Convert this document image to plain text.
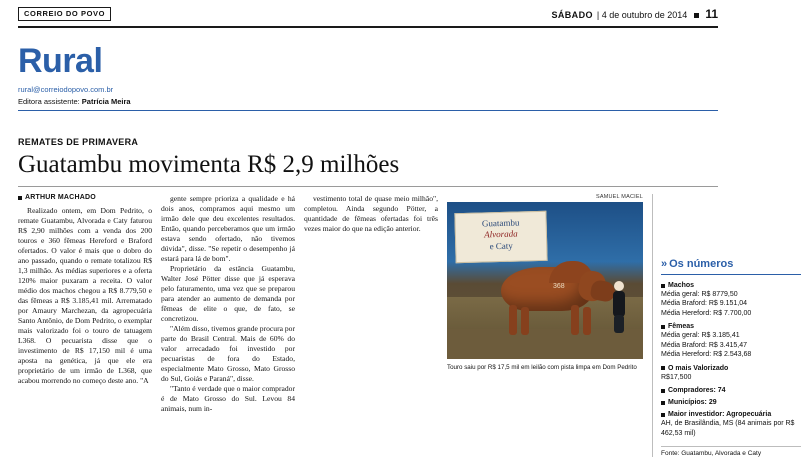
CORREIO DO POVO	SÁBADO | 4 de outubro de 2014 11
Rural
rural@correiodopovo.com.br
Editora assistente: Patrícia Meira
REMATES DE PRIMAVERA
Guatambu movimenta R$ 2,9 milhões
ARTHUR MACHADO

Realizado ontem, em Dom Pedrito, o remate Guatambu, Alvorada e Caty faturou R$ 2,90 milhões com a venda dos 200 touros e 360 fêmeas Hereford e Braford ofertados. O valor é mais que o dobro do ano passado, quando o remate totalizou R$ 1,3 milhão. As médias superiores e a oferta 120% maior puxaram a receita. O valor médio dos machos chegou a R$ 8.779,50 e das fêmeas a R$ 3.185,41 mil. Arrematado por Amaury Marchezan, da agropecuária Santo Antônio, de Dom Pedrito, o exemplar mais valorizado foi o touro de tatuagem L368. O pecuarista disse que o investimento de R$ 17,150 mil é uma aposta na genética, já que ele era proprietário de um irmão de L368, que acabou morrendo no começo deste ano. "A

gente sempre prioriza a qualidade e há dois anos, compramos aqui mesmo um irmão dele que deu excelentes resultados. Então, quando perceberamos que um irmão estava sendo ofertado, não tivemos dúvida", disse. "Se repetir o desempenho já estará para lá de bom".

Proprietário da estância Guatambu, Walter José Pötter disse que já esperava pelo faturamento, uma vez que se preparou para atender ao aumento de demanda por fêmeas de elite o que, de fato, se concretizou.

"Além disso, tivemos grande procura por parte do Brasil Central. Mais de 60% do valor arrecadado foi investido por pecuaristas de fora do Estado, especialmente Mato Grosso, Mato Grosso do Sul, Goiás e Paraná", disse.

"Tanto é verdade que o maior comprador é de Mato Grosso do Sul. Levou 84 animais, num in-

vestimento total de quase meio milhão", completou. Ainda segundo Pötter, a quantidade de fêmeas ofertadas foi três vezes maior do que na edição anterior.

SAMUEL MACIEL
Guatambu
Alvorada
e Caty
368
Touro saiu por R$ 17,5 mil em leilão com pista limpa em Dom Pedrito
» Os números
Machos
Média geral: R$ 8779,50
Média Braford: R$ 9.151,04
Média Hereford: R$ 7.700,00
Fêmeas
Média geral: R$ 3.185,41
Média Braford: R$ 3.415,47
Média Hereford: R$ 2.543,68
O mais Valorizado
R$17,500
Compradores: 74
Municípios: 29
Maior investidor: Agropecuária
AH, de Brasilândia, MS (84 animais por R$ 462,53 mil)
Fonte: Guatambu, Alvorada e Caty
